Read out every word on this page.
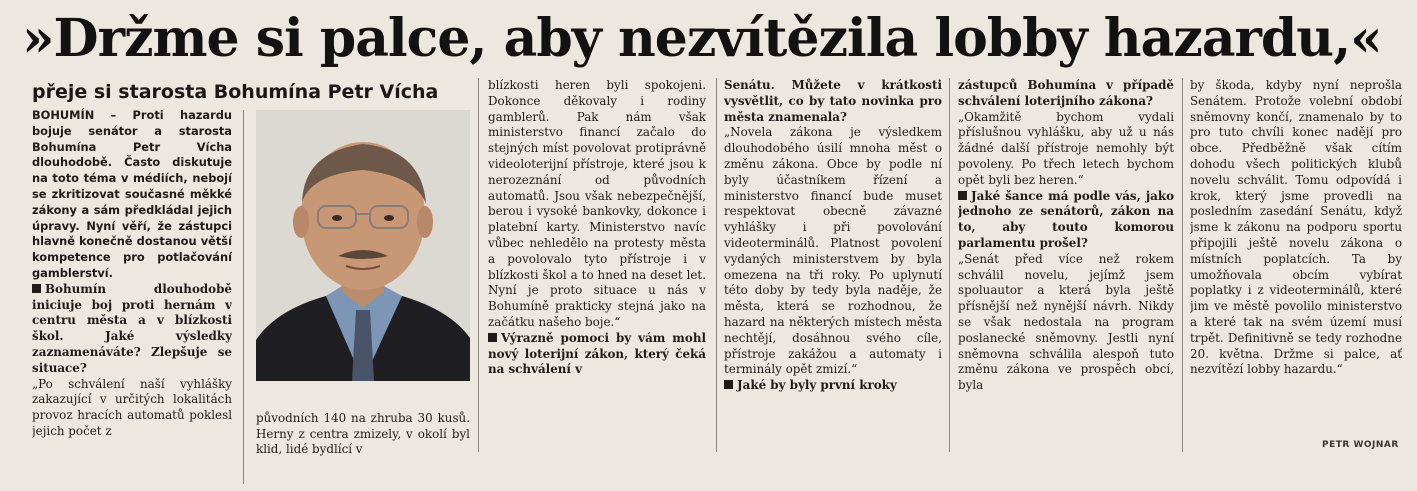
»Držme si palce, aby nezvítězila lobby hazardu,«
přeje si starosta Bohumína Petr Vícha

BOHUMÍN – Proti hazardu bojuje senátor a starosta Bohumína Petr Vícha dlouhodobě. Často diskutuje na toto téma v médiích, nebojí se zkritizovat současné měkké zákony a sám předkládal jejich úpravy. Nyní věří, že zástupci hlavně konečně dostanou větší kompetence pro potlačování gamblerství.

Bohumín dlouhodobě iniciuje boj proti hernám v centru města a v blízkosti škol. Jaké výsledky zaznamenáváte? Zlepšuje se situace?

„Po schválení naší vyhlášky zakazující v určitých lokalitách provoz hracích automatů poklesl jejich počet z

původních 140 na zhruba 30 kusů. Herny z centra zmizely, v okolí byl klid, lidé bydlící v

blízkosti heren byli spokojeni. Dokonce děkovaly i rodiny gamblerů. Pak nám však ministerstvo financí začalo do stejných míst povolovat protiprávně videoloterijní přístroje, které jsou k nerozeznání od původních automatů. Jsou však nebezpečnější, berou i vysoké bankovky, dokonce i platební karty. Ministerstvo navíc vůbec nehledělo na protesty města a povolovalo tyto přístroje i v blízkosti škol a to hned na deset let. Nyní je proto situace u nás v Bohumíně prakticky stejná jako na začátku našeho boje.“

Výrazně pomoci by vám mohl nový loterijní zákon, který čeká na schválení v

Senátu. Můžete v krátkosti vysvětlit, co by tato novinka pro města znamenala?

„Novela zákona je výsledkem dlouhodobého úsilí mnoha měst o změnu zákona. Obce by podle ní byly účastníkem řízení a ministerstvo financí bude muset respektovat obecně závazné vyhlášky i při povolování videoterminálů. Platnost povolení vydaných ministerstvem by byla omezena na tři roky. Po uplynutí této doby by tedy byla naděje, že města, která se rozhodnou, že hazard na některých místech města nechtějí, dosáhnou svého cíle, přístroje zakážou a automaty i terminály opět zmizí.“

Jaké by byly první kroky

zástupců Bohumína v případě schválení loterijního zákona?

„Okamžitě bychom vydali příslušnou vyhlášku, aby už u nás žádné další přístroje nemohly být povoleny. Po třech letech bychom opět byli bez heren.“

Jaké šance má podle vás, jako jednoho ze senátorů, zákon na to, aby touto komorou parlamentu prošel?

„Senát před více než rokem schválil novelu, jejímž jsem spoluautor a která byla ještě přísnější než nynější návrh. Nikdy se však nedostala na program poslanecké sněmovny. Jestli nyní sněmovna schválila alespoň tuto změnu zákona ve prospěch obcí, byla

by škoda, kdyby nyní neprošla Senátem. Protože volební období sněmovny končí, znamenalo by to pro tuto chvíli konec nadějí pro obce. Předběžně však cítím dohodu všech politických klubů novelu schválit. Tomu odpovídá i krok, který jsme provedli na posledním zasedání Senátu, když jsme k zákonu na podporu sportu připojili ještě novelu zákona o místních poplatcích. Ta by umožňovala obcím vybírat poplatky i z videoterminálů, které jim ve městě povolilo ministerstvo a které tak na svém území musí trpět. Definitivně se tedy rozhodne 20. května. Držme si palce, ať nezvítězí lobby hazardu.“

PETR WOJNAR
